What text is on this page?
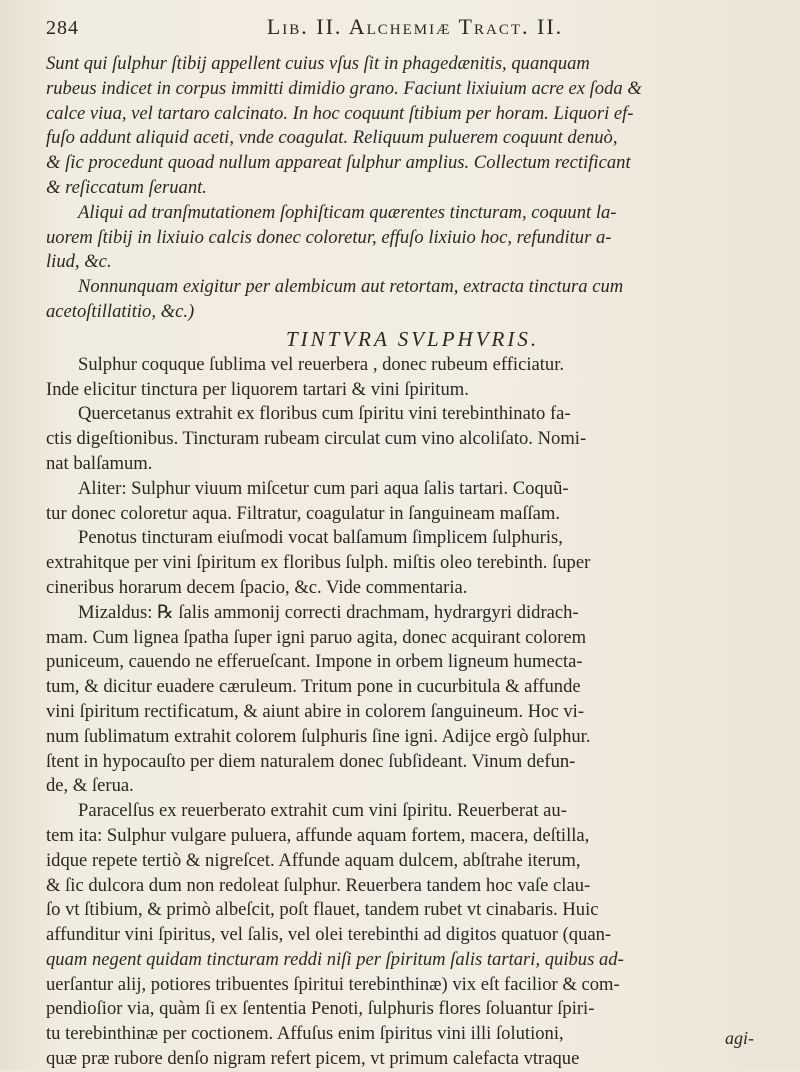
284	Lib. II. Alchemiæ Tract. II.
Sunt qui ſulphur ſtibij appellent cuius vſus ſit in phagedænitis, quanquam
rubeus indicet in corpus immitti dimidio grano. Faciunt lixiuium acre ex ſoda &
calce viua, vel tartaro calcinato. In hoc coquunt ſtibium per horam. Liquori ef-
fuſo addunt aliquid aceti, vnde coagulat. Reliquum puluerem coquunt denuò,
& ſic procedunt quoad nullum appareat ſulphur amplius. Collectum rectificant
& reſiccatum ſeruant.
Aliqui ad tranſmutationem ſophiſticam quærentes tincturam, coquunt la-
uorem ſtibij in lixiuio calcis donec coloretur, effuſo lixiuio hoc, refunditur a-
liud, &c.
Nonnunquam exigitur per alembicum aut retortam, extracta tinctura cum
acetoſtillatitio, &c.)
TINTVRA SVLPHVRIS.
Sulphur coquque ſublima vel reuerbera , donec rubeum efficiatur.
Inde elicitur tinctura per liquorem tartari & vini ſpiritum.
Quercetanus extrahit ex floribus cum ſpiritu vini terebinthinato fa-
ctis digeſtionibus. Tincturam rubeam circulat cum vino alcoliſato. Nomi-
nat balſamum.
Aliter: Sulphur viuum miſcetur cum pari aqua ſalis tartari. Coquũ-
tur donec coloretur aqua. Filtratur, coagulatur in ſanguineam maſſam.
Penotus tincturam eiuſmodi vocat balſamum ſimplicem ſulphuris,
extrahitque per vini ſpiritum ex floribus ſulph. miſtis oleo terebinth. ſuper
cineribus horarum decem ſpacio, &c. Vide commentaria.
Mizaldus: ℞ ſalis ammonij correcti drachmam, hydrargyri didrach-
mam. Cum lignea ſpatha ſuper igni paruo agita, donec acquirant colorem
puniceum, cauendo ne efferueſcant. Impone in orbem ligneum humecta-
tum, & dicitur euadere cæruleum. Tritum pone in cucurbitula & affunde
vini ſpiritum rectificatum, & aiunt abire in colorem ſanguineum. Hoc vi-
num ſublimatum extrahit colorem ſulphuris ſine igni. Adijce ergò ſulphur.
ſtent in hypocauſto per diem naturalem donec ſubſideant. Vinum defun-
de, & ſerua.
Paracelſus ex reuerberato extrahit cum vini ſpiritu. Reuerberat au-
tem ita: Sulphur vulgare puluera, affunde aquam fortem, macera, deſtilla,
idque repete tertiò & nigreſcet. Affunde aquam dulcem, abſtrahe iterum,
& ſic dulcora dum non redoleat ſulphur. Reuerbera tandem hoc vaſe clau-
ſo vt ſtibium, & primò albeſcit, poſt flauet, tandem rubet vt cinabaris. Huic
affunditur vini ſpiritus, vel ſalis, vel olei terebinthi ad digitos quatuor (quan-
quam negent quidam tincturam reddi niſi per ſpiritum ſalis tartari, quibus ad-
uerſantur alij, potiores tribuentes ſpiritui terebinthinæ) vix eſt facilior & com-
pendioſior via, quàm ſi ex ſententia Penoti, ſulphuris flores ſoluantur ſpiri-
tu terebinthinæ per coctionem. Affuſus enim ſpiritus vini illi ſolutioni,
quæ præ rubore denſo nigram refert picem, vt primum calefacta vtraque
agi-
